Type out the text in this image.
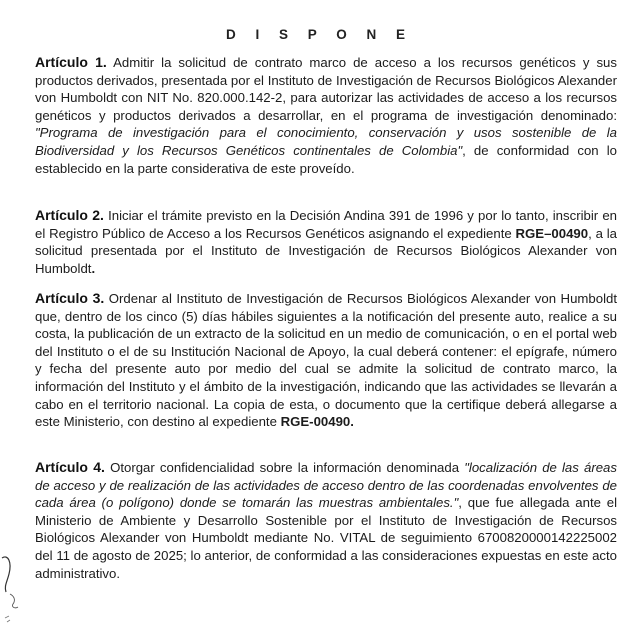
D I S P O N E

Artículo 1. Admitir la solicitud de contrato marco de acceso a los recursos genéticos y sus productos derivados, presentada por el Instituto de Investigación de Recursos Biológicos Alexander von Humboldt con NIT No. 820.000.142-2, para autorizar las actividades de acceso a los recursos genéticos y productos derivados a desarrollar, en el programa de investigación denominado: "Programa de investigación para el conocimiento, conservación y usos sostenible de la Biodiversidad y los Recursos Genéticos continentales de Colombia", de conformidad con lo establecido en la parte considerativa de este proveído.

Artículo 2. Iniciar el trámite previsto en la Decisión Andina 391 de 1996 y por lo tanto, inscribir en el Registro Público de Acceso a los Recursos Genéticos asignando el expediente RGE–00490, a la solicitud presentada por el Instituto de Investigación de Recursos Biológicos Alexander von Humboldt.

Artículo 3. Ordenar al Instituto de Investigación de Recursos Biológicos Alexander von Humboldt que, dentro de los cinco (5) días hábiles siguientes a la notificación del presente auto, realice a su costa, la publicación de un extracto de la solicitud en un medio de comunicación, o en el portal web del Instituto o el de su Institución Nacional de Apoyo, la cual deberá contener: el epígrafe, número y fecha del presente auto por medio del cual se admite la solicitud de contrato marco, la información del Instituto y el ámbito de la investigación, indicando que las actividades se llevarán a cabo en el territorio nacional. La copia de esta, o documento que la certifique deberá allegarse a este Ministerio, con destino al expediente RGE-00490.

Artículo 4. Otorgar confidencialidad sobre la información denominada "localización de las áreas de acceso y de realización de las actividades de acceso dentro de las coordenadas envolventes de cada área (o polígono) donde se tomarán las muestras ambientales.", que fue allegada ante el Ministerio de Ambiente y Desarrollo Sostenible por el Instituto de Investigación de Recursos Biológicos Alexander von Humboldt mediante No. VITAL de seguimiento 6700820000142225002 del 11 de agosto de 2025; lo anterior, de conformidad a las consideraciones expuestas en este acto administrativo.
